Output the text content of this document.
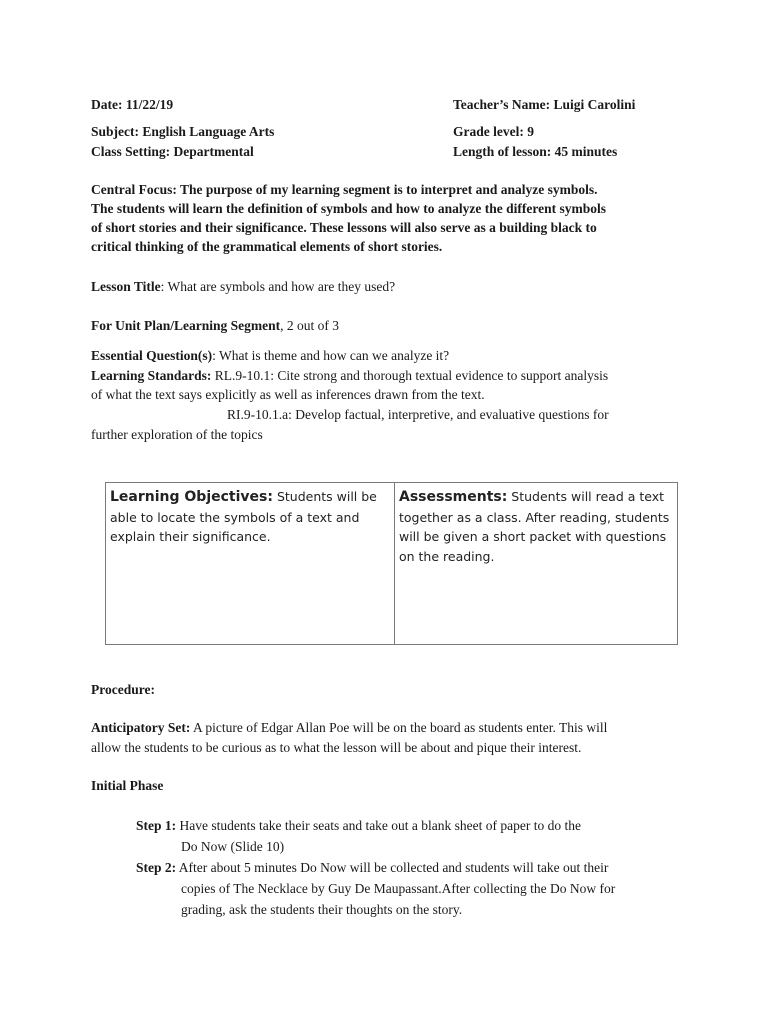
Date: 11/22/19	Teacher’s Name: Luigi Carolini
Subject: English Language Arts	Grade level: 9
Class Setting: Departmental	Length of lesson: 45 minutes
Central Focus: The purpose of my learning segment is to interpret and analyze symbols.
The students will learn the definition of symbols and how to analyze the different symbols
of short stories and their significance. These lessons will also serve as a building black to
critical thinking of the grammatical elements of short stories.
Lesson Title: What are symbols and how are they used?
For Unit Plan/Learning Segment, 2 out of 3
Essential Question(s): What is theme and how can we analyze it?
Learning Standards: RL.9-10.1: Cite strong and thorough textual evidence to support analysis
of what the text says explicitly as well as inferences drawn from the text.
RI.9-10.1.a: Develop factual, interpretive, and evaluative questions for
further exploration of the topics
Learning Objectives: Students will be able to locate the symbols of a text and explain their significance.
Assessments: Students will read a text together as a class. After reading, students will be given a short packet with questions on the reading.
Procedure:
Anticipatory Set: A picture of Edgar Allan Poe will be on the board as students enter. This will
allow the students to be curious as to what the lesson will be about and pique their interest.
Initial Phase
Step 1: Have students take their seats and take out a blank sheet of paper to do the
Do Now (Slide 10)
Step 2: After about 5 minutes Do Now will be collected and students will take out their
copies of The Necklace by Guy De Maupassant.After collecting the Do Now for
grading, ask the students their thoughts on the story.
